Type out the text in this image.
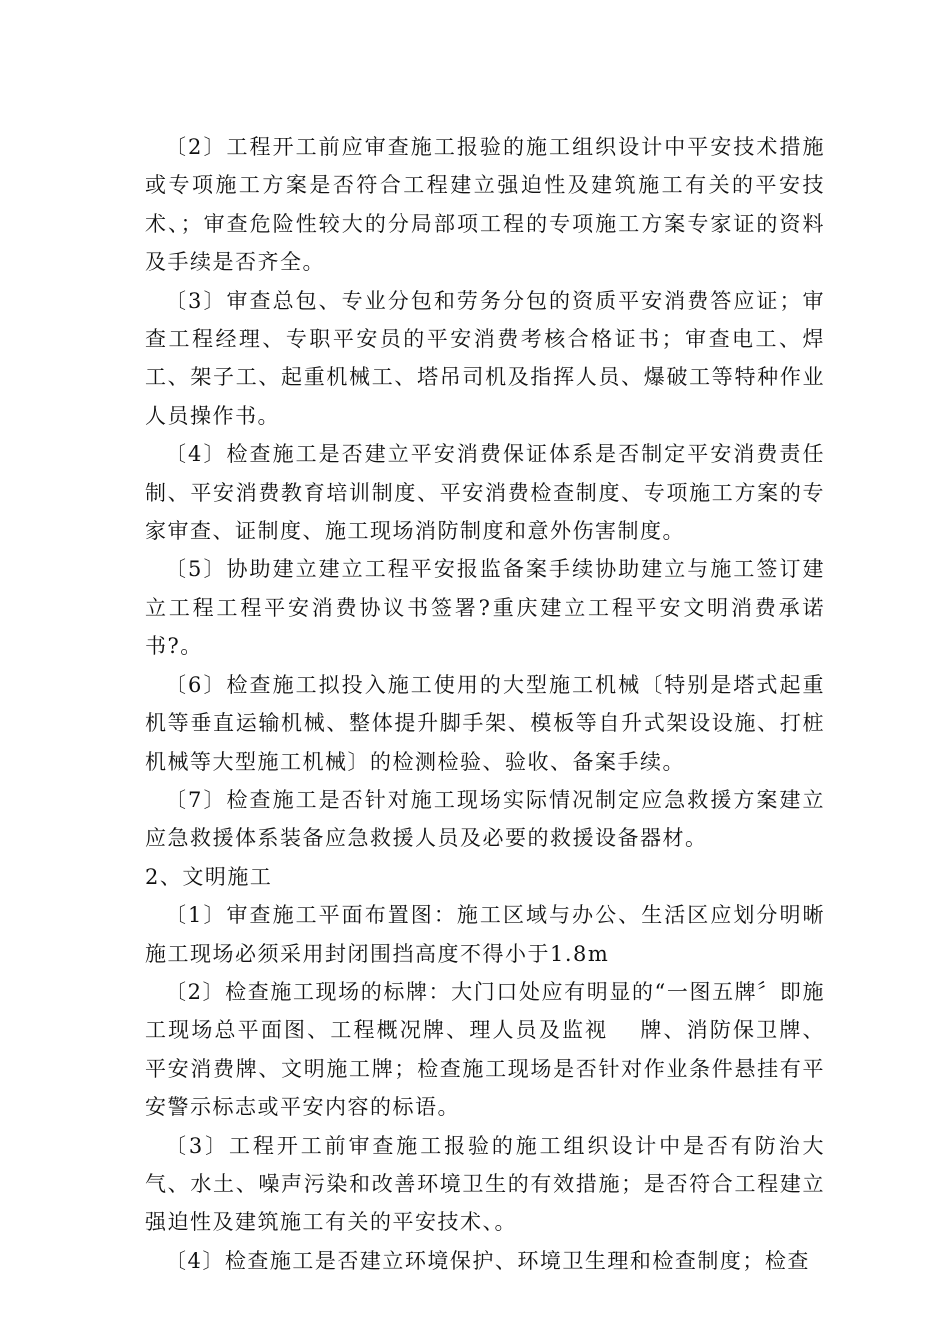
〔2〕工程开工前应审查施工报验的施工组织设计中平安技术措施或专项施工方案是否符合工程建立强迫性及建筑施工有关的平安技术、；审查危险性较大的分局部项工程的专项施工方案专家证的资料及手续是否齐全。

〔3〕审查总包、专业分包和劳务分包的资质平安消费答应证；审查工程经理、专职平安员的平安消费考核合格证书；审查电工、焊工、架子工、起重机械工、塔吊司机及指挥人员、爆破工等特种作业人员操作书。

〔4〕检查施工是否建立平安消费保证体系是否制定平安消费责任制、平安消费教育培训制度、平安消费检查制度、专项施工方案的专家审查、证制度、施工现场消防制度和意外伤害制度。

〔5〕协助建立建立工程平安报监备案手续协助建立与施工签订建立工程工程平安消费协议书签署?重庆建立工程平安文明消费承诺书?。

〔6〕检查施工拟投入施工使用的大型施工机械〔特别是塔式起重机等垂直运输机械、整体提升脚手架、模板等自升式架设设施、打桩机械等大型施工机械〕的检测检验、验收、备案手续。

〔7〕检查施工是否针对施工现场实际情况制定应急救援方案建立应急救援体系装备应急救援人员及必要的救援设备器材。

2、文明施工

〔1〕审查施工平面布置图：施工区域与办公、生活区应划分明晰施工现场必须采用封闭围挡高度不得小于1.8m

〔2〕检查施工现场的标牌：大门口处应有明显的“一图五牌〞即施工现场总平面图、工程概况牌、理人员及监视　 牌、消防保卫牌、平安消费牌、文明施工牌；检查施工现场是否针对作业条件悬挂有平安警示标志或平安内容的标语。

〔3〕工程开工前审查施工报验的施工组织设计中是否有防治大气、水土、噪声污染和改善环境卫生的有效措施；是否符合工程建立强迫性及建筑施工有关的平安技术、。

〔4〕检查施工是否建立环境保护、环境卫生理和检查制度；检查
